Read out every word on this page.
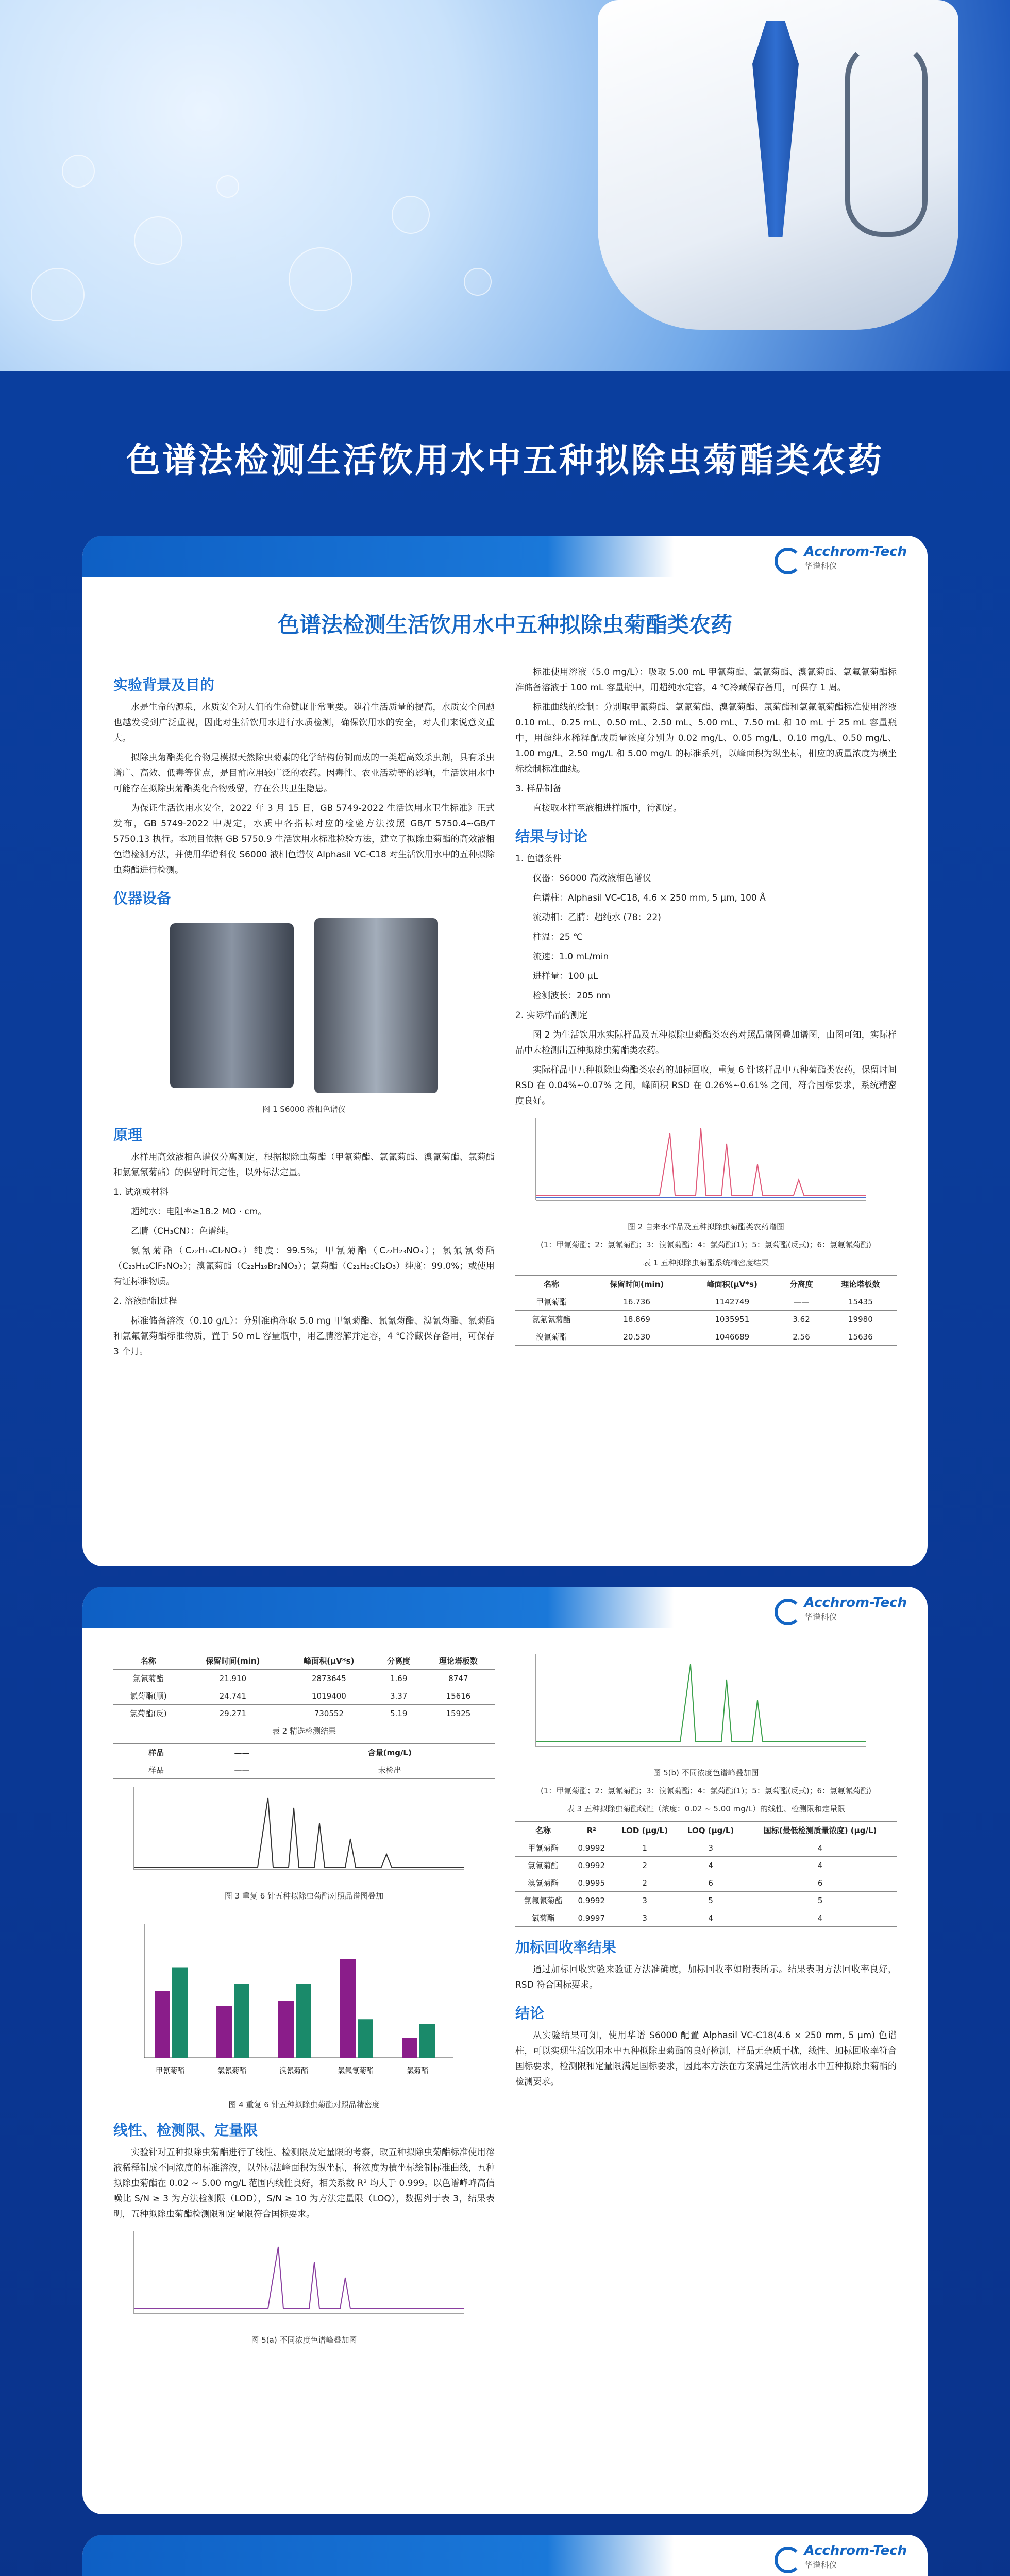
色谱法检测生活饮用水中五种拟除虫菊酯类农药
Acchrom-Tech
华谱科仪
色谱法检测生活饮用水中五种拟除虫菊酯类农药
实验背景及目的

水是生命的源泉，水质安全对人们的生命健康非常重要。随着生活质量的提高，水质安全问题也越发受到广泛重视，因此对生活饮用水进行水质检测，确保饮用水的安全，对人们来说意义重大。

拟除虫菊酯类化合物是模拟天然除虫菊素的化学结构仿制而成的一类超高效杀虫剂，具有杀虫谱广、高效、低毒等优点，是目前应用较广泛的农药。因毒性、农业活动等的影响，生活饮用水中可能存在拟除虫菊酯类化合物残留，存在公共卫生隐患。

为保证生活饮用水安全，2022 年 3 月 15 日，GB 5749-2022 生活饮用水卫生标准》正式发布，GB 5749-2022 中规定，水质中各指标对应的检验方法按照 GB/T 5750.4~GB/T 5750.13 执行。本项目依据 GB 5750.9 生活饮用水标准检验方法，建立了拟除虫菊酯的高效液相色谱检测方法，并使用华谱科仪 S6000 液相色谱仪 Alphasil VC-C18 对生活饮用水中的五种拟除虫菊酯进行检测。

仪器设备
图 1 S6000 液相色谱仪
原理

水样用高效液相色谱仪分离测定，根据拟除虫菊酯（甲氰菊酯、氯氰菊酯、溴氰菊酯、氯菊酯和氯氟氰菊酯）的保留时间定性，以外标法定量。

1. 试剂或材料

超纯水：电阻率≥18.2 MΩ · cm。

乙腈（CH₃CN）：色谱纯。

氯氰菊酯（C₂₂H₁₉Cl₂NO₃）纯度：99.5%；甲氰菊酯（C₂₂H₂₃NO₃）；氯氟氰菊酯（C₂₃H₁₉ClF₃NO₃）；溴氰菊酯（C₂₂H₁₉Br₂NO₃）；氯菊酯（C₂₁H₂₀Cl₂O₃）纯度：99.0%；或使用有证标准物质。

2. 溶液配制过程

标准储备溶液（0.10 g/L）：分别准确称取 5.0 mg 甲氰菊酯、氯氰菊酯、溴氰菊酯、氯菊酯和氯氟氰菊酯标准物质，置于 50 mL 容量瓶中，用乙腈溶解并定容，4 ℃冷藏保存备用，可保存 3 个月。

标准使用溶液（5.0 mg/L）：吸取 5.00 mL 甲氰菊酯、氯氰菊酯、溴氰菊酯、氯氟氰菊酯标准储备溶液于 100 mL 容量瓶中，用超纯水定容，4 ℃冷藏保存备用，可保存 1 周。

标准曲线的绘制：分别取甲氰菊酯、氯氰菊酯、溴氰菊酯、氯菊酯和氯氟氰菊酯标准使用溶液 0.10 mL、0.25 mL、0.50 mL、2.50 mL、5.00 mL、7.50 mL 和 10 mL 于 25 mL 容量瓶中，用超纯水稀释配成质量浓度分别为 0.02 mg/L、0.05 mg/L、0.10 mg/L、0.50 mg/L、1.00 mg/L、2.50 mg/L 和 5.00 mg/L 的标准系列，以峰面积为纵坐标，相应的质量浓度为横坐标绘制标准曲线。

3. 样品制备

直接取水样至液相进样瓶中，待测定。

结果与讨论

1. 色谱条件

仪器：S6000 高效液相色谱仪

色谱柱：Alphasil VC-C18, 4.6 × 250 mm, 5 μm, 100 Å

流动相：乙腈：超纯水 (78：22)

柱温：25 ℃

流速：1.0 mL/min

进样量：100 μL

检测波长：205 nm

2. 实际样品的测定

图 2 为生活饮用水实际样品及五种拟除虫菊酯类农药对照品谱图叠加谱图，由图可知，实际样品中未检测出五种拟除虫菊酯类农药。

实际样品中五种拟除虫菊酯类农药的加标回收，重复 6 针该样品中五种菊酯类农药，保留时间 RSD 在 0.04%~0.07% 之间，峰面积 RSD 在 0.26%~0.61% 之间，符合国标要求，系统精密度良好。

图 2 自来水样品及五种拟除虫菊酯类农药谱图
(1：甲氰菊酯；2：氯氰菊酯；3：溴氰菊酯；4：氯菊酯(1)；5：氯菊酯(反式)；6：氯氟氰菊酯)
表 1 五种拟除虫菊酯系统精密度结果
名称	保留时间(min)	峰面积(μV*s)	分离度	理论塔板数
甲氰菊酯	16.736	1142749	——	15435
氯氟氰菊酯	18.869	1035951	3.62	19980
溴氰菊酯	20.530	1046689	2.56	15636
Acchrom-Tech
华谱科仪
名称	保留时间(min)	峰面积(μV*s)	分离度	理论塔板数
氯氰菊酯	21.910	2873645	1.69	8747
氯菊酯(顺)	24.741	1019400	3.37	15616
氯菊酯(反)	29.271	730552	5.19	15925
表 2 精选检测结果
样品	——	含量(mg/L)
样品	——	未检出
图 3 重复 6 针五种拟除虫菊酯对照品谱图叠加
甲氰菊酯	氯氰菊酯	溴氰菊酯	氯氟氰菊酯	氯菊酯
图 4 重复 6 针五种拟除虫菊酯对照品精密度
线性、检测限、定量限

实验针对五种拟除虫菊酯进行了线性、检测限及定量限的考察，取五种拟除虫菊酯标准使用溶液稀释制成不同浓度的标准溶液，以外标法峰面积为纵坐标，将浓度为横坐标绘制标准曲线，五种拟除虫菊酯在 0.02 ~ 5.00 mg/L 范围内线性良好，相关系数 R² 均大于 0.999。以色谱峰峰高信噪比 S/N ≥ 3 为方法检测限（LOD），S/N ≥ 10 为方法定量限（LOQ），数据列于表 3，结果表明，五种拟除虫菊酯检测限和定量限符合国标要求。

图 5(a) 不同浓度色谱峰叠加图
图 5(b) 不同浓度色谱峰叠加图
(1：甲氰菊酯；2：氯氰菊酯；3：溴氰菊酯；4：氯菊酯(1)；5：氯菊酯(反式)；6：氯氟氰菊酯)
表 3 五种拟除虫菊酯线性（浓度：0.02 ~ 5.00 mg/L）的线性、检测限和定量限
名称	R²	LOD (μg/L)	LOQ (μg/L)	国标(最低检测质量浓度) (μg/L)
甲氰菊酯	0.9992	1	3	4
氯氰菊酯	0.9992	2	4	4
溴氰菊酯	0.9995	2	6	6
氯氟氰菊酯	0.9992	3	5	5
氯菊酯	0.9997	3	4	4
加标回收率结果

通过加标回收实验来验证方法准确度，加标回收率如附表所示。结果表明方法回收率良好，RSD 符合国标要求。

结论

从实验结果可知，使用华谱 S6000 配置 Alphasil VC-C18(4.6 × 250 mm, 5 μm) 色谱柱，可以实现生活饮用水中五种拟除虫菊酯的良好检测，样品无杂质干扰，线性、加标回收率符合国标要求，检测限和定量限满足国标要求，因此本方法在方案满足生活饮用水中五种拟除虫菊酯的检测要求。

Acchrom-Tech
华谱科仪
